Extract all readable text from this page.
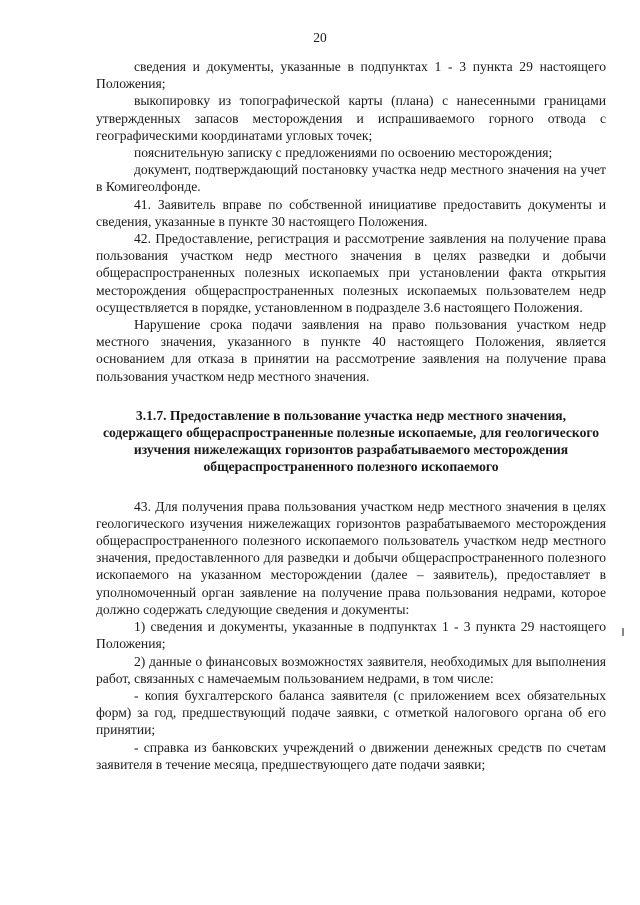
20

сведения и документы, указанные в подпунктах 1 - 3 пункта 29 настоящего Положения;

выкопировку из топографической карты (плана) с нанесенными границами утвержденных запасов месторождения и испрашиваемого горного отвода с географическими координатами угловых точек;

пояснительную записку с предложениями по освоению месторождения;

документ, подтверждающий постановку участка недр местного значения на учет в Комигеолфонде.

41. Заявитель вправе по собственной инициативе предоставить документы и сведения, указанные в пункте 30 настоящего Положения.

42. Предоставление, регистрация и рассмотрение заявления на получение права пользования участком недр местного значения в целях разведки и добычи общераспространенных полезных ископаемых при установлении факта открытия месторождения общераспространенных полезных ископаемых пользователем недр осуществляется в порядке, установленном в подразделе 3.6 настоящего Положения.

Нарушение срока подачи заявления на право пользования участком недр местного значения, указанного в пункте 40 настоящего Положения, является основанием для отказа в принятии на рассмотрение заявления на получение права пользования участком недр местного значения.

3.1.7. Предоставление в пользование участка недр местного значения, содержащего общераспространенные полезные ископаемые, для геологического изучения нижележащих горизонтов разрабатываемого месторождения общераспространенного полезного ископаемого

43. Для получения права пользования участком недр местного значения в целях геологического изучения нижележащих горизонтов разрабатываемого месторождения общераспространенного полезного ископаемого пользователь участком недр местного значения, предоставленного для разведки и добычи общераспространенного полезного ископаемого на указанном месторождении (далее – заявитель), предоставляет в уполномоченный орган заявление на получение права пользования недрами, которое должно содержать следующие сведения и документы:

1) сведения и документы, указанные в подпунктах 1 - 3 пункта 29 настоящего Положения;

2) данные о финансовых возможностях заявителя, необходимых для выполнения работ, связанных с намечаемым пользованием недрами, в том числе:

- копия бухгалтерского баланса заявителя (с приложением всех обязательных форм) за год, предшествующий подаче заявки, с отметкой налогового органа об его принятии;

- справка из банковских учреждений о движении денежных средств по счетам заявителя в течение месяца, предшествующего дате подачи заявки;
